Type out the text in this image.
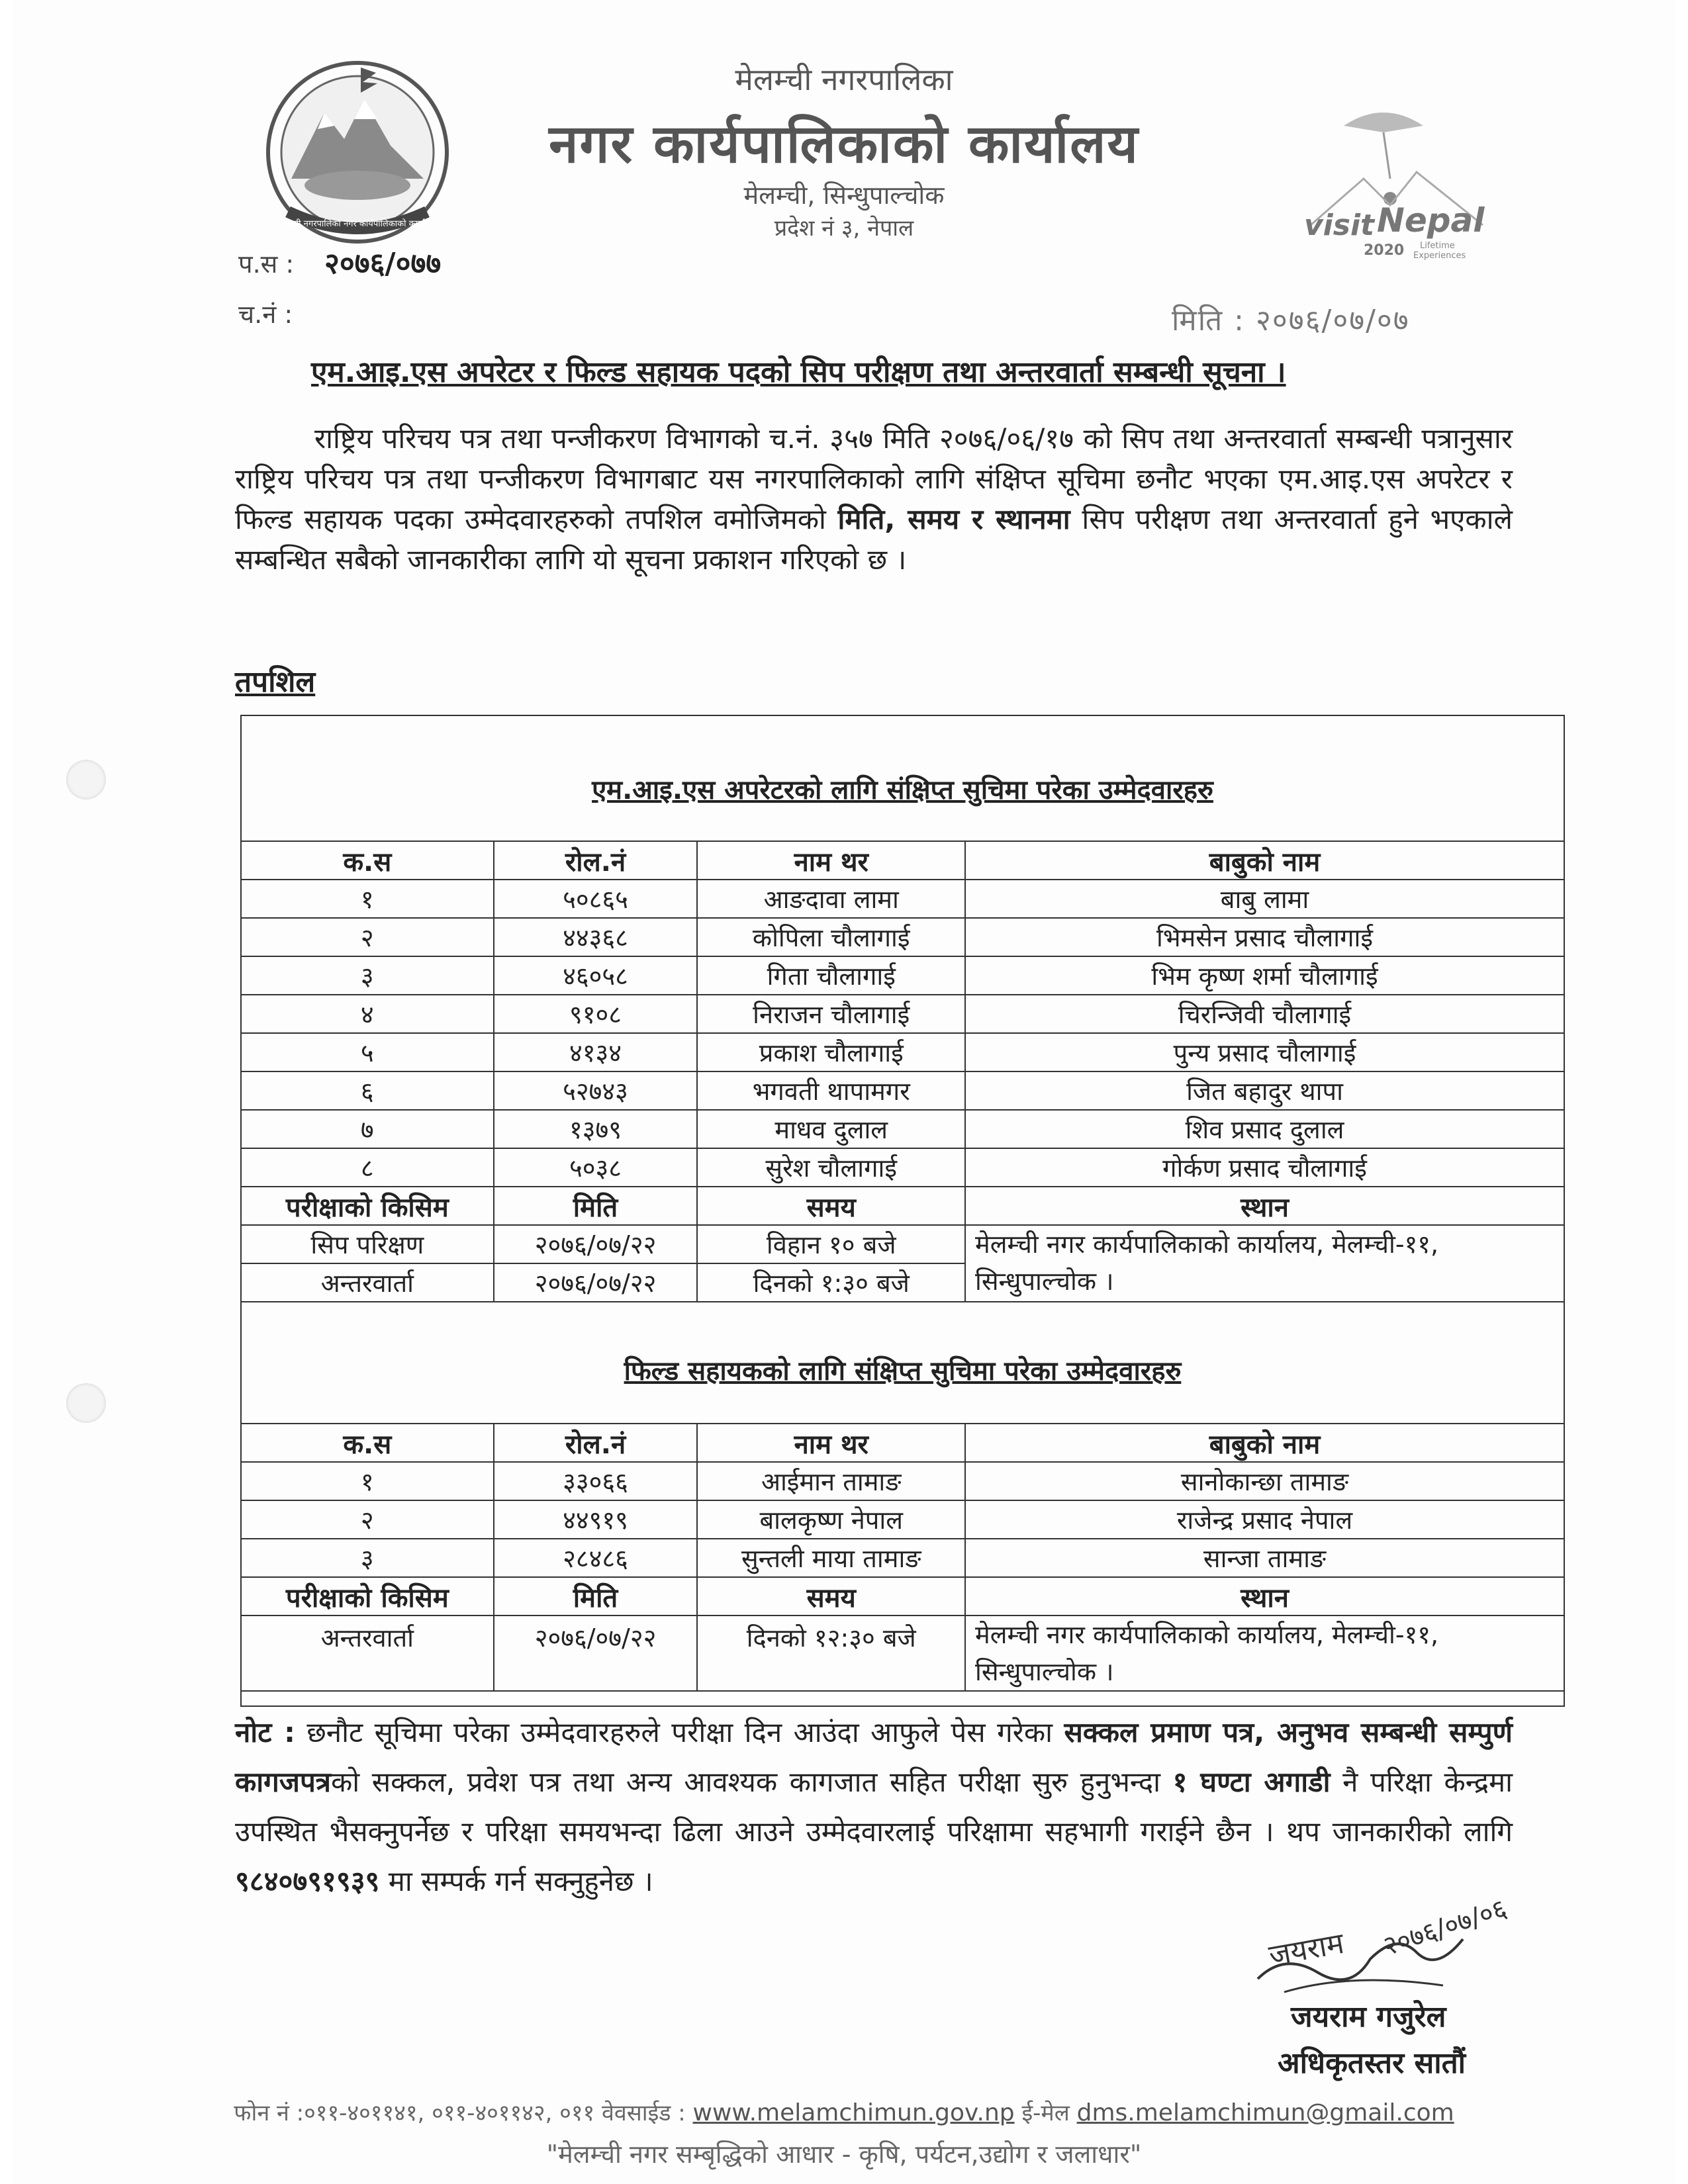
मेलम्ची नगरपालिका नगर कार्यपालिकाको कार्यालय	visit Nepal
2020 Lifetime
Experiences
मेलम्ची नगरपालिका
नगर कार्यपालिकाको कार्यालय
मेलम्ची, सिन्धुपाल्चोक
प्रदेश नं ३, नेपाल
प.स : २०७६/०७७
च.नं :	मिति : २०७६/०७/०७
एम.आइ.एस अपरेटर र फिल्ड सहायक पदको सिप परीक्षण तथा अन्तरवार्ता सम्बन्धी सूचना ।
राष्ट्रिय परिचय पत्र तथा पन्जीकरण विभागको च.नं. ३५७ मिति २०७६/०६/१७ को सिप तथा अन्तरवार्ता सम्बन्धी पत्रानुसार राष्ट्रिय परिचय पत्र तथा पन्जीकरण विभागबाट यस नगरपालिकाको लागि संक्षिप्त सूचिमा छनौट भएका एम.आइ.एस अपरेटर र फिल्ड सहायक पदका उम्मेदवारहरुको तपशिल वमोजिमको मिति, समय र स्थानमा सिप परीक्षण तथा अन्तरवार्ता हुने भएकाले सम्बन्धित सबैको जानकारीका लागि यो सूचना प्रकाशन गरिएको छ ।
तपशिल
एम.आइ.एस अपरेटरको लागि संक्षिप्त सुचिमा परेका उम्मेदवारहरु
क.स	रोल.नं	नाम थर	बाबुको नाम
१	५०८६५	आङदावा लामा	बाबु लामा
२	४४३६८	कोपिला चौलागाई	भिमसेन प्रसाद चौलागाई
३	४६०५८	गिता चौलागाई	भिम कृष्ण शर्मा चौलागाई
४	९१०८	निराजन चौलागाई	चिरन्जिवी चौलागाई
५	४१३४	प्रकाश चौलागाई	पुन्य प्रसाद चौलागाई
६	५२७४३	भगवती थापामगर	जित बहादुर थापा
७	१३७९	माधव दुलाल	शिव प्रसाद दुलाल
८	५०३८	सुरेश चौलागाई	गोर्कण प्रसाद चौलागाई
परीक्षाको किसिम	मिति	समय	स्थान
सिप परिक्षण	२०७६/०७/२२	विहान १० बजे	मेलम्ची नगर कार्यपालिकाको कार्यालय, मेलम्ची-११, सिन्धुपाल्चोक ।
अन्तरवार्ता	२०७६/०७/२२	दिनको १:३० बजे	
फिल्ड सहायकको लागि संक्षिप्त सुचिमा परेका उम्मेदवारहरु
क.स	रोल.नं	नाम थर	बाबुको नाम
१	३३०६६	आईमान तामाङ	सानोकान्छा तामाङ
२	४४९१९	बालकृष्ण नेपाल	राजेन्द्र प्रसाद नेपाल
३	२८४८६	सुन्तली माया तामाङ	सान्जा तामाङ
परीक्षाको किसिम	मिति	समय	स्थान
अन्तरवार्ता	२०७६/०७/२२	दिनको १२:३० बजे	मेलम्ची नगर कार्यपालिकाको कार्यालय, मेलम्ची-११, सिन्धुपाल्चोक ।
नोट : छनौट सूचिमा परेका उम्मेदवारहरुले परीक्षा दिन आउंदा आफुले पेस गरेका सक्कल प्रमाण पत्र, अनुभव सम्बन्धी सम्पुर्ण कागजपत्रको सक्कल, प्रवेश पत्र तथा अन्य आवश्यक कागजात सहित परीक्षा सुरु हुनुभन्दा १ घण्टा अगाडी नै परिक्षा केन्द्रमा उपस्थित भैसक्नुपर्नेछ र परिक्षा समयभन्दा ढिला आउने उम्मेदवारलाई परिक्षामा सहभागी गराईने छैन । थप जानकारीको लागि ९८४०७९१९३९ मा सम्पर्क गर्न सक्नुहुनेछ ।
जयराम २०७६/०७/०६
जयराम गजुरेल
अधिकृतस्तर सातौं
फोन नं :०११-४०११४१, ०११-४०११४२, ०११ वेवसाईड : www.melamchimun.gov.np ई-मेल dms.melamchimun@gmail.com
"मेलम्ची नगर सम्बृद्धिको आधार - कृषि, पर्यटन,उद्योग र जलाधार"
